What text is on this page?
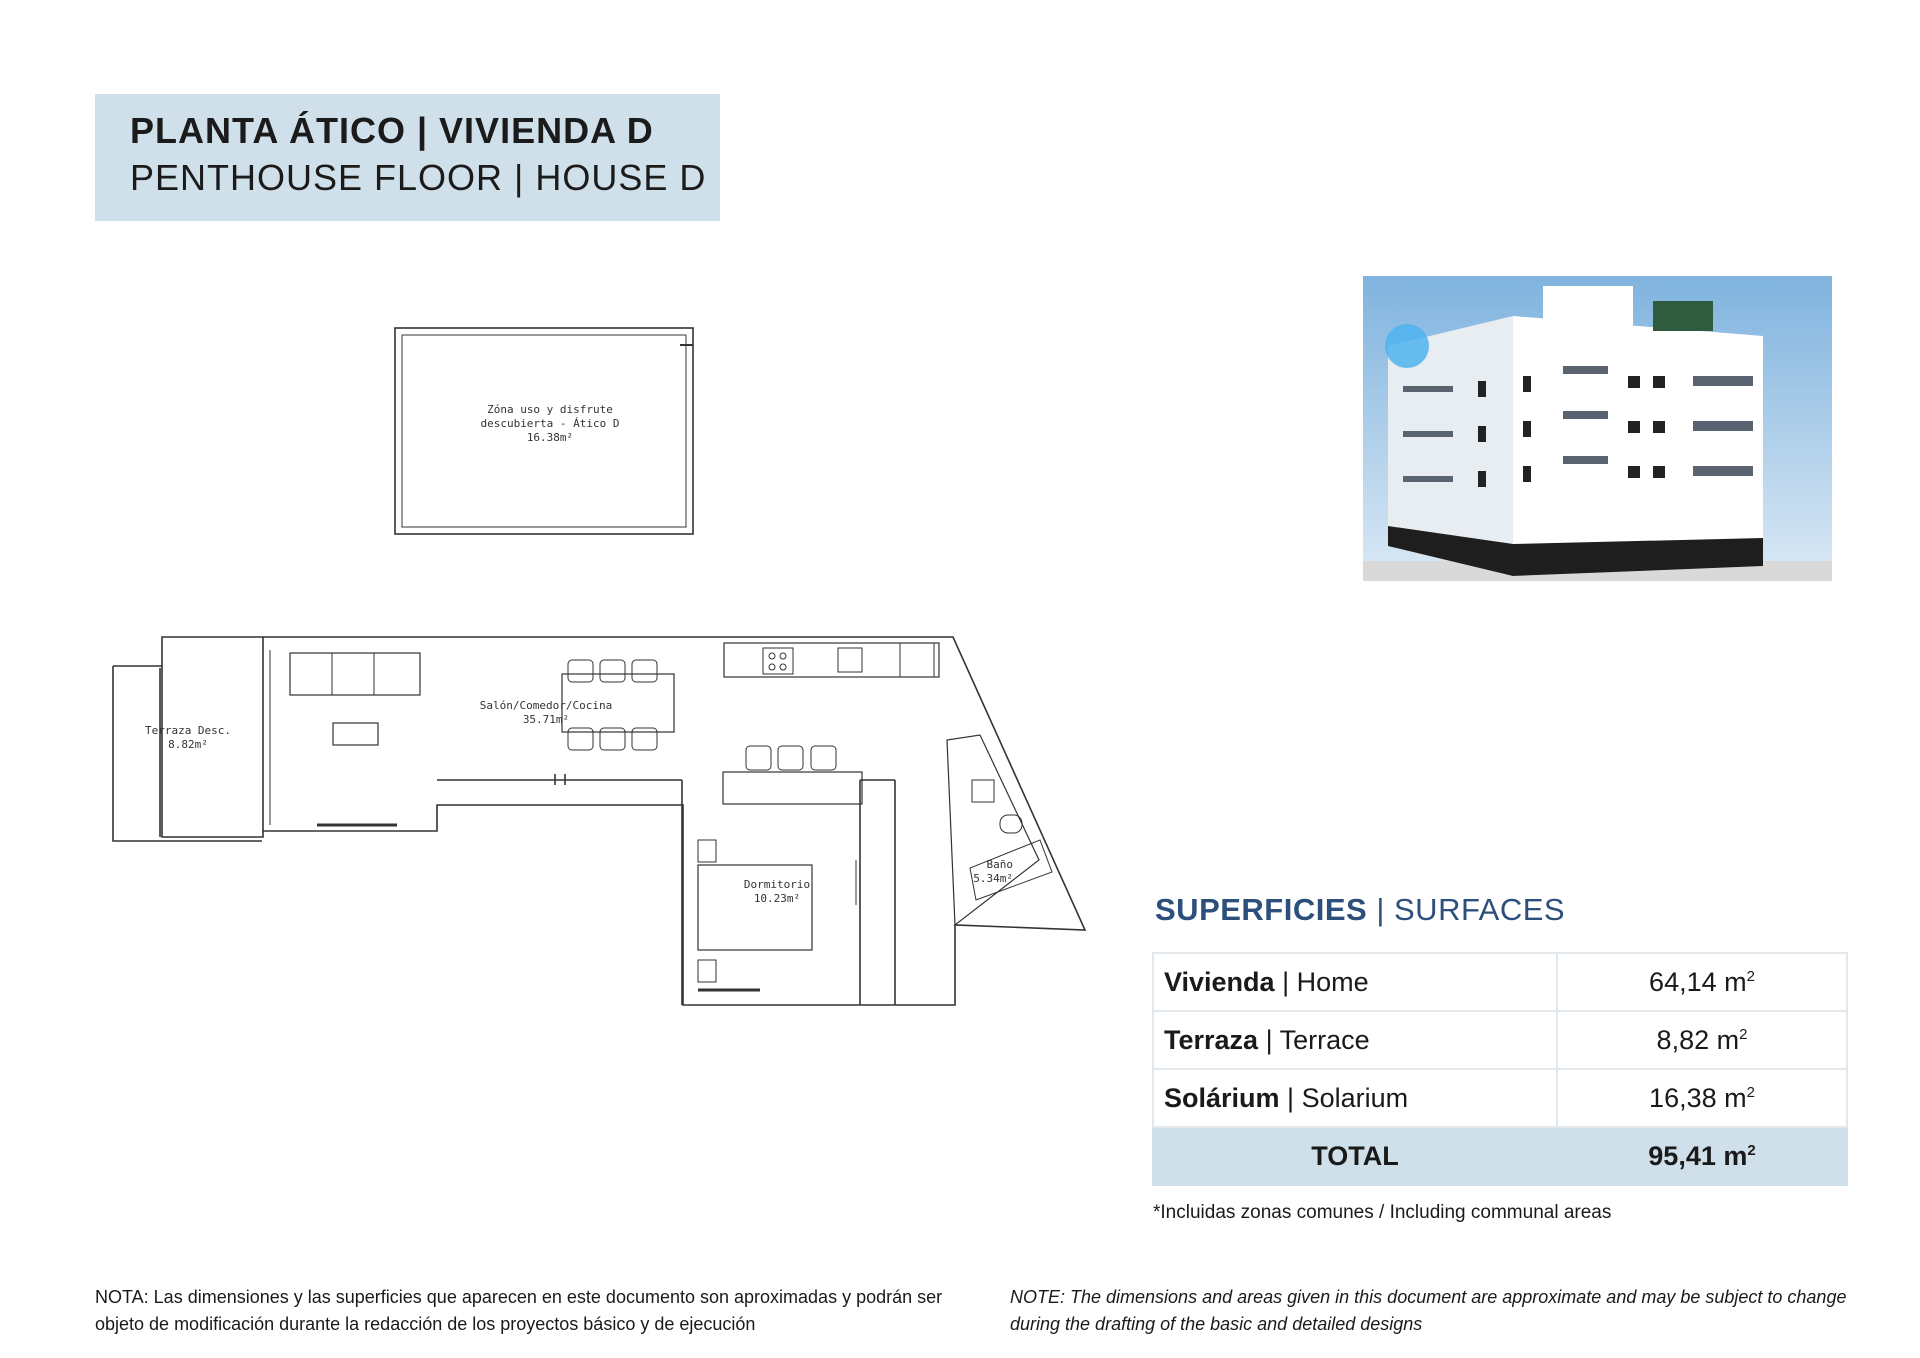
PLANTA ÁTICO | VIVIENDA D
PENTHOUSE FLOOR | HOUSE D
Zóna uso y disfrute
descubierta - Ático D
16.38m²
Terraza Desc.
8.82m²
Salón/Comedor/Cocina
35.71m²
Dormitorio
10.23m²
Baño
5.34m²
SUPERFICIES | SURFACES
Vivienda | Home	64,14 $m^2$
Terraza | Terrace	8,82 $m^2$
Solárium | Solarium	16,38 $m^2$
TOTAL	95,41 $m^2$
*Incluidas zonas comunes / Including communal areas
NOTA: Las dimensiones y las superficies que aparecen en este documento son aproximadas y podrán ser objeto de modificación durante la redacción de los proyectos básico y de ejecución
NOTE: The dimensions and areas given in this document are approximate and may be subject to change during the drafting of the basic and detailed designs
